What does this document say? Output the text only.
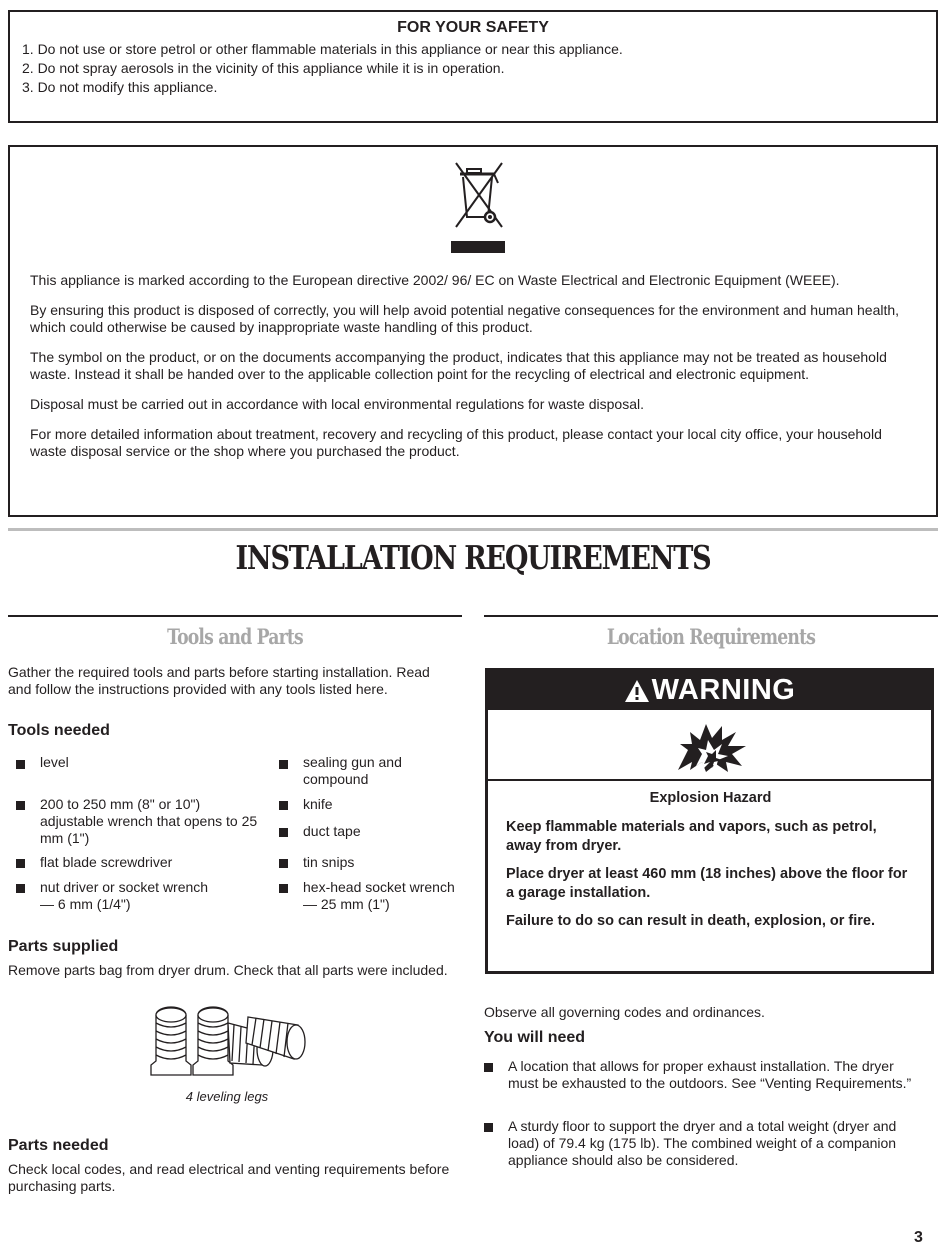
FOR YOUR SAFETY
1. Do not use or store petrol or other flammable materials in this appliance or near this appliance.
2. Do not spray aerosols in the vicinity of this appliance while it is in operation.
3. Do not modify this appliance.

This appliance is marked according to the European directive 2002/ 96/ EC on Waste Electrical and Electronic Equipment (WEEE).

By ensuring this product is disposed of correctly, you will help avoid potential negative consequences for the environment and human health, which could otherwise be caused by inappropriate waste handling of this product.

The symbol on the product, or on the documents accompanying the product, indicates that this appliance may not be treated as household waste. Instead it shall be handed over to the applicable collection point for the recycling of electrical and electronic equipment.

Disposal must be carried out in accordance with local environmental regulations for waste disposal.

For more detailed information about treatment, recovery and recycling of this product, please contact your local city office, your household waste disposal service or the shop where you purchased the product.

INSTALLATION REQUIREMENTS
Tools and Parts

Gather the required tools and parts before starting installation. Read and follow the instructions provided with any tools listed here.

Tools needed

level

200 to 250 mm (8" or 10") adjustable wrench that opens to 25 mm (1")

flat blade screwdriver

nut driver or socket wrench — 6 mm (1/4")

sealing gun and compound

knife

duct tape

tin snips

hex-head socket wrench — 25 mm (1")

Parts supplied

Remove parts bag from dryer drum. Check that all parts were included.

4 leveling legs

Parts needed

Check local codes, and read electrical and venting requirements before purchasing parts.

Location Requirements
WARNING

Explosion Hazard

Keep flammable materials and vapors, such as petrol, away from dryer.

Place dryer at least 460 mm (18 inches) above the floor for a garage installation.

Failure to do so can result in death, explosion, or fire.

Observe all governing codes and ordinances.

You will need

A location that allows for proper exhaust installation. The dryer must be exhausted to the outdoors. See “Venting Requirements.”

A sturdy floor to support the dryer and a total weight (dryer and load) of 79.4 kg (175 lb). The combined weight of a companion appliance should also be considered.

3
